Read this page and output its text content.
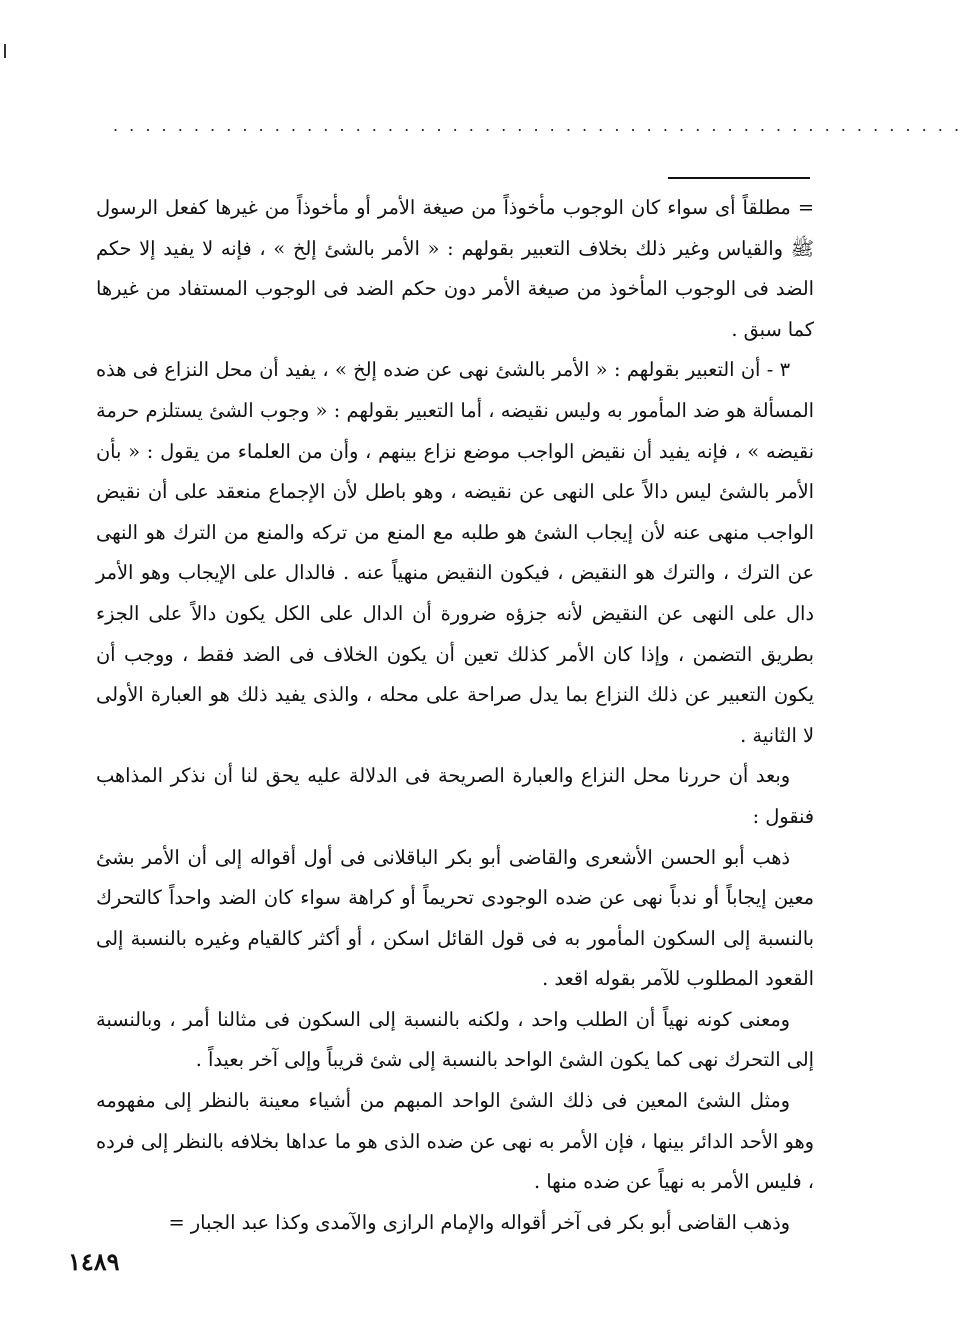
. . . . . . . . . . . . . . . . . . . . . . . . . . . . . . . . . . . . . . . . . . . . . . . . . . . . .

= مطلقاً أى سواء كان الوجوب مأخوذاً من صيغة الأمر أو مأخوذاً من غيرها كفعل الرسول ﷺ والقياس وغير ذلك بخلاف التعبير بقولهم : « الأمر بالشئ إلخ » ، فإنه لا يفيد إلا حكم الضد فى الوجوب المأخوذ من صيغة الأمر دون حكم الضد فى الوجوب المستفاد من غيرها كما سبق .

٣ - أن التعبير بقولهم : « الأمر بالشئ نهى عن ضده إلخ » ، يفيد أن محل النزاع فى هذه المسألة هو ضد المأمور به وليس نقيضه ، أما التعبير بقولهم : « وجوب الشئ يستلزم حرمة نقيضه » ، فإنه يفيد أن نقيض الواجب موضع نزاع بينهم ، وأن من العلماء من يقول : « بأن الأمر بالشئ ليس دالاً على النهى عن نقيضه ، وهو باطل لأن الإجماع منعقد على أن نقيض الواجب منهى عنه لأن إيجاب الشئ هو طلبه مع المنع من تركه والمنع من الترك هو النهى عن الترك ، والترك هو النقيض ، فيكون النقيض منهياً عنه . فالدال على الإيجاب وهو الأمر دال على النهى عن النقيض لأنه جزؤه ضرورة أن الدال على الكل يكون دالاً على الجزء بطريق التضمن ، وإذا كان الأمر كذلك تعين أن يكون الخلاف فى الضد فقط ، ووجب أن يكون التعبير عن ذلك النزاع بما يدل صراحة على محله ، والذى يفيد ذلك هو العبارة الأولى لا الثانية .

وبعد أن حررنا محل النزاع والعبارة الصريحة فى الدلالة عليه يحق لنا أن نذكر المذاهب فنقول :

ذهب أبو الحسن الأشعرى والقاضى أبو بكر الباقلانى فى أول أقواله إلى أن الأمر بشئ معين إيجاباً أو ندباً نهى عن ضده الوجودى تحريماً أو كراهة سواء كان الضد واحداً كالتحرك بالنسبة إلى السكون المأمور به فى قول القائل اسكن ، أو أكثر كالقيام وغيره بالنسبة إلى القعود المطلوب للآمر بقوله اقعد .

ومعنى كونه نهياً أن الطلب واحد ، ولكنه بالنسبة إلى السكون فى مثالنا أمر ، وبالنسبة إلى التحرك نهى كما يكون الشئ الواحد بالنسبة إلى شئ قريباً وإلى آخر بعيداً .

ومثل الشئ المعين فى ذلك الشئ الواحد المبهم من أشياء معينة بالنظر إلى مفهومه وهو الأحد الدائر بينها ، فإن الأمر به نهى عن ضده الذى هو ما عداها بخلافه بالنظر إلى فرده ، فليس الأمر به نهياً عن ضده منها .

وذهب القاضى أبو بكر فى آخر أقواله والإمام الرازى والآمدى وكذا عبد الجبار =

١٤٨٩
